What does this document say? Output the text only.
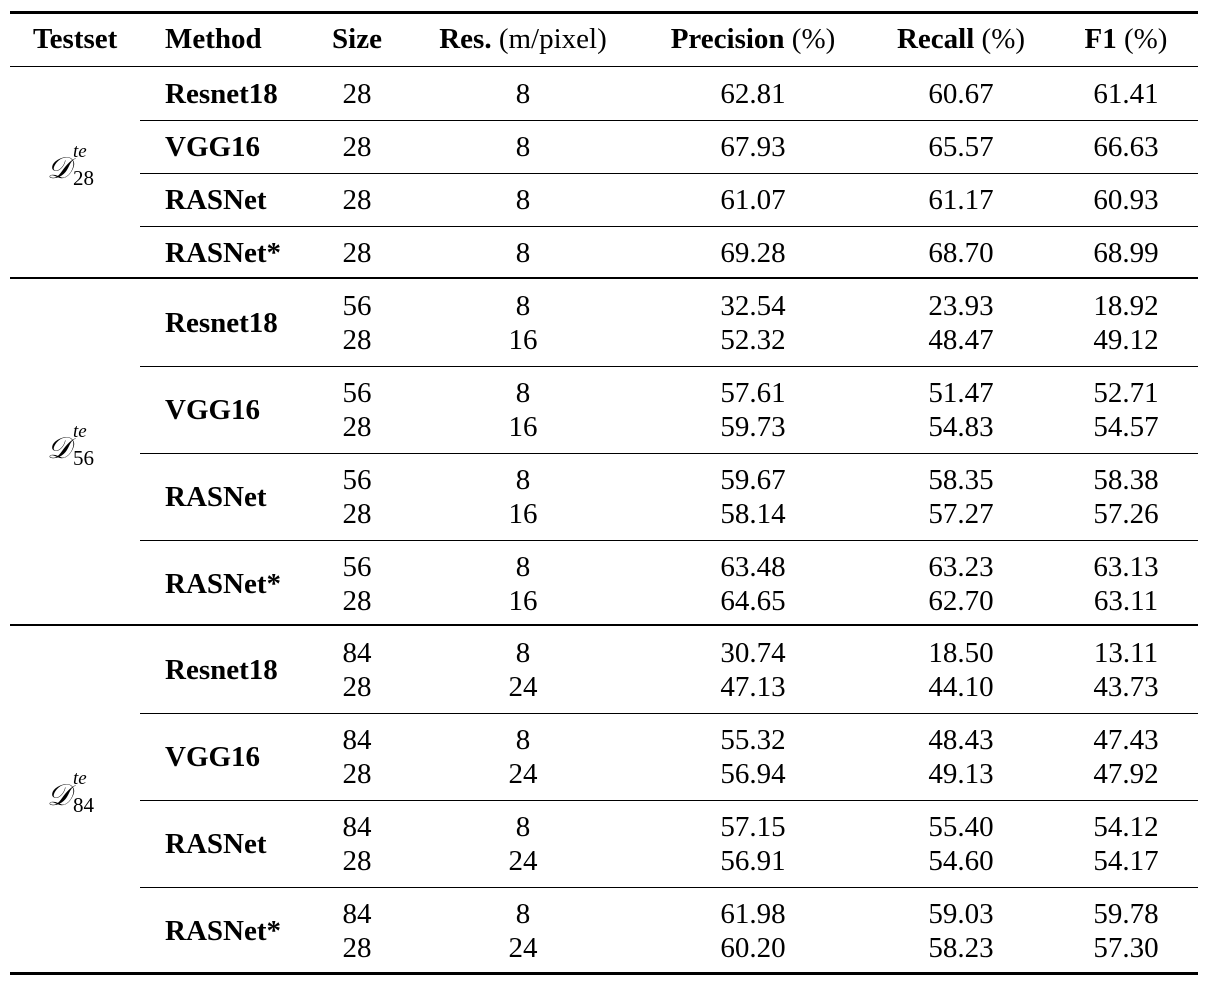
Testset Method Size Res. (m/pixel) Precision (%) Recall (%) F1 (%)
𝒟 te
28
Resnet18 28	8	62.81	60.67	61.41
VGG16	28	8	67.93	65.57	66.63
RASNet	28	8	61.07	61.17	60.93
RASNet* 28	8	69.28	68.70	68.99
𝒟 te
56
Resnet18
56	8	32.54	23.93	18.92
28	16	52.32	48.47	49.12
VGG16
56	8	57.61	51.47	52.71
28	16	59.73	54.83	54.57
RASNet
56	8	59.67	58.35	58.38
28	16	58.14	57.27	57.26
RASNet*
56	8	63.48	63.23	63.13
28	16	64.65	62.70	63.11
𝒟 te
84
Resnet18
84	8	30.74	18.50	13.11
28	24	47.13	44.10	43.73
VGG16
84	8	55.32	48.43	47.43
28	24	56.94	49.13	47.92
RASNet
84	8	57.15	55.40	54.12
28	24	56.91	54.60	54.17
RASNet*
84	8	61.98	59.03	59.78
28	24	60.20	58.23	57.30
